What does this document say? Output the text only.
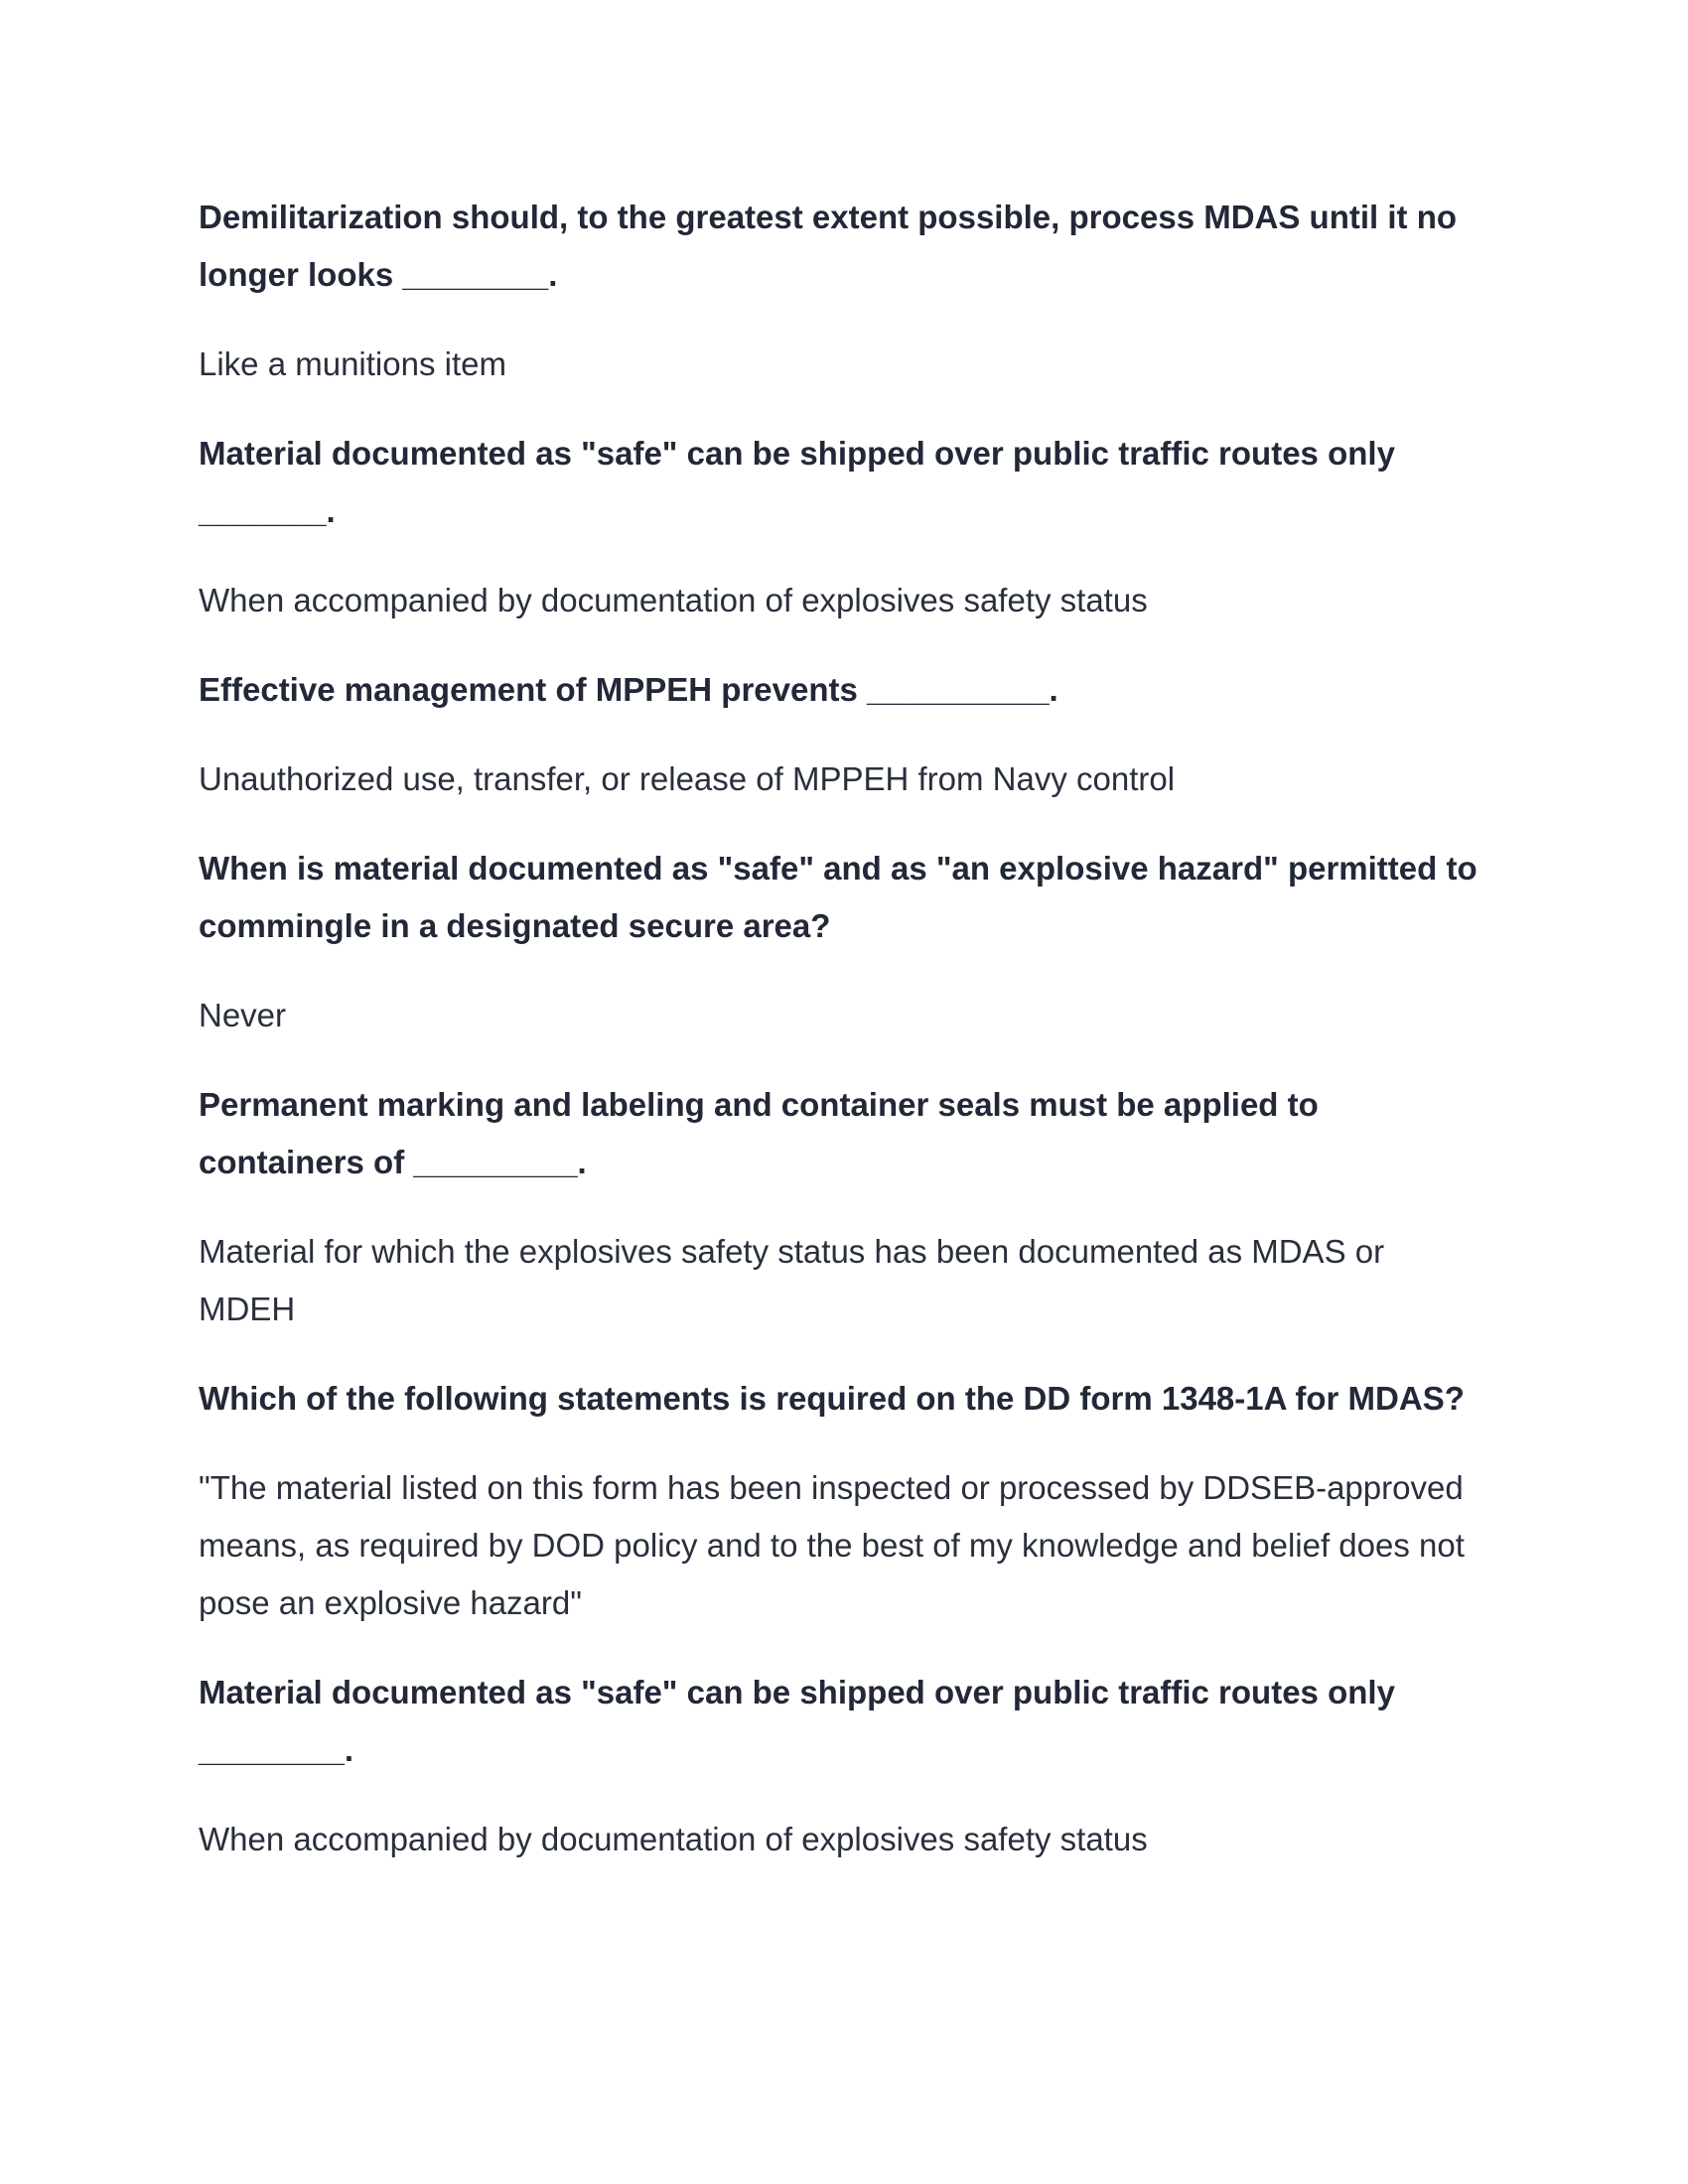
Demilitarization should, to the greatest extent possible, process MDAS until it no longer looks ________.

Like a munitions item

Material documented as "safe" can be shipped over public traffic routes only _______.

When accompanied by documentation of explosives safety status

Effective management of MPPEH prevents __________.

Unauthorized use, transfer, or release of MPPEH from Navy control

When is material documented as "safe" and as "an explosive hazard" permitted to commingle in a designated secure area?

Never

Permanent marking and labeling and container seals must be applied to containers of _________.

Material for which the explosives safety status has been documented as MDAS or MDEH

Which of the following statements is required on the DD form 1348-1A for MDAS?

"The material listed on this form has been inspected or processed by DDSEB-approved means, as required by DOD policy and to the best of my knowledge and belief does not pose an explosive hazard"

Material documented as "safe" can be shipped over public traffic routes only ________.

When accompanied by documentation of explosives safety status
